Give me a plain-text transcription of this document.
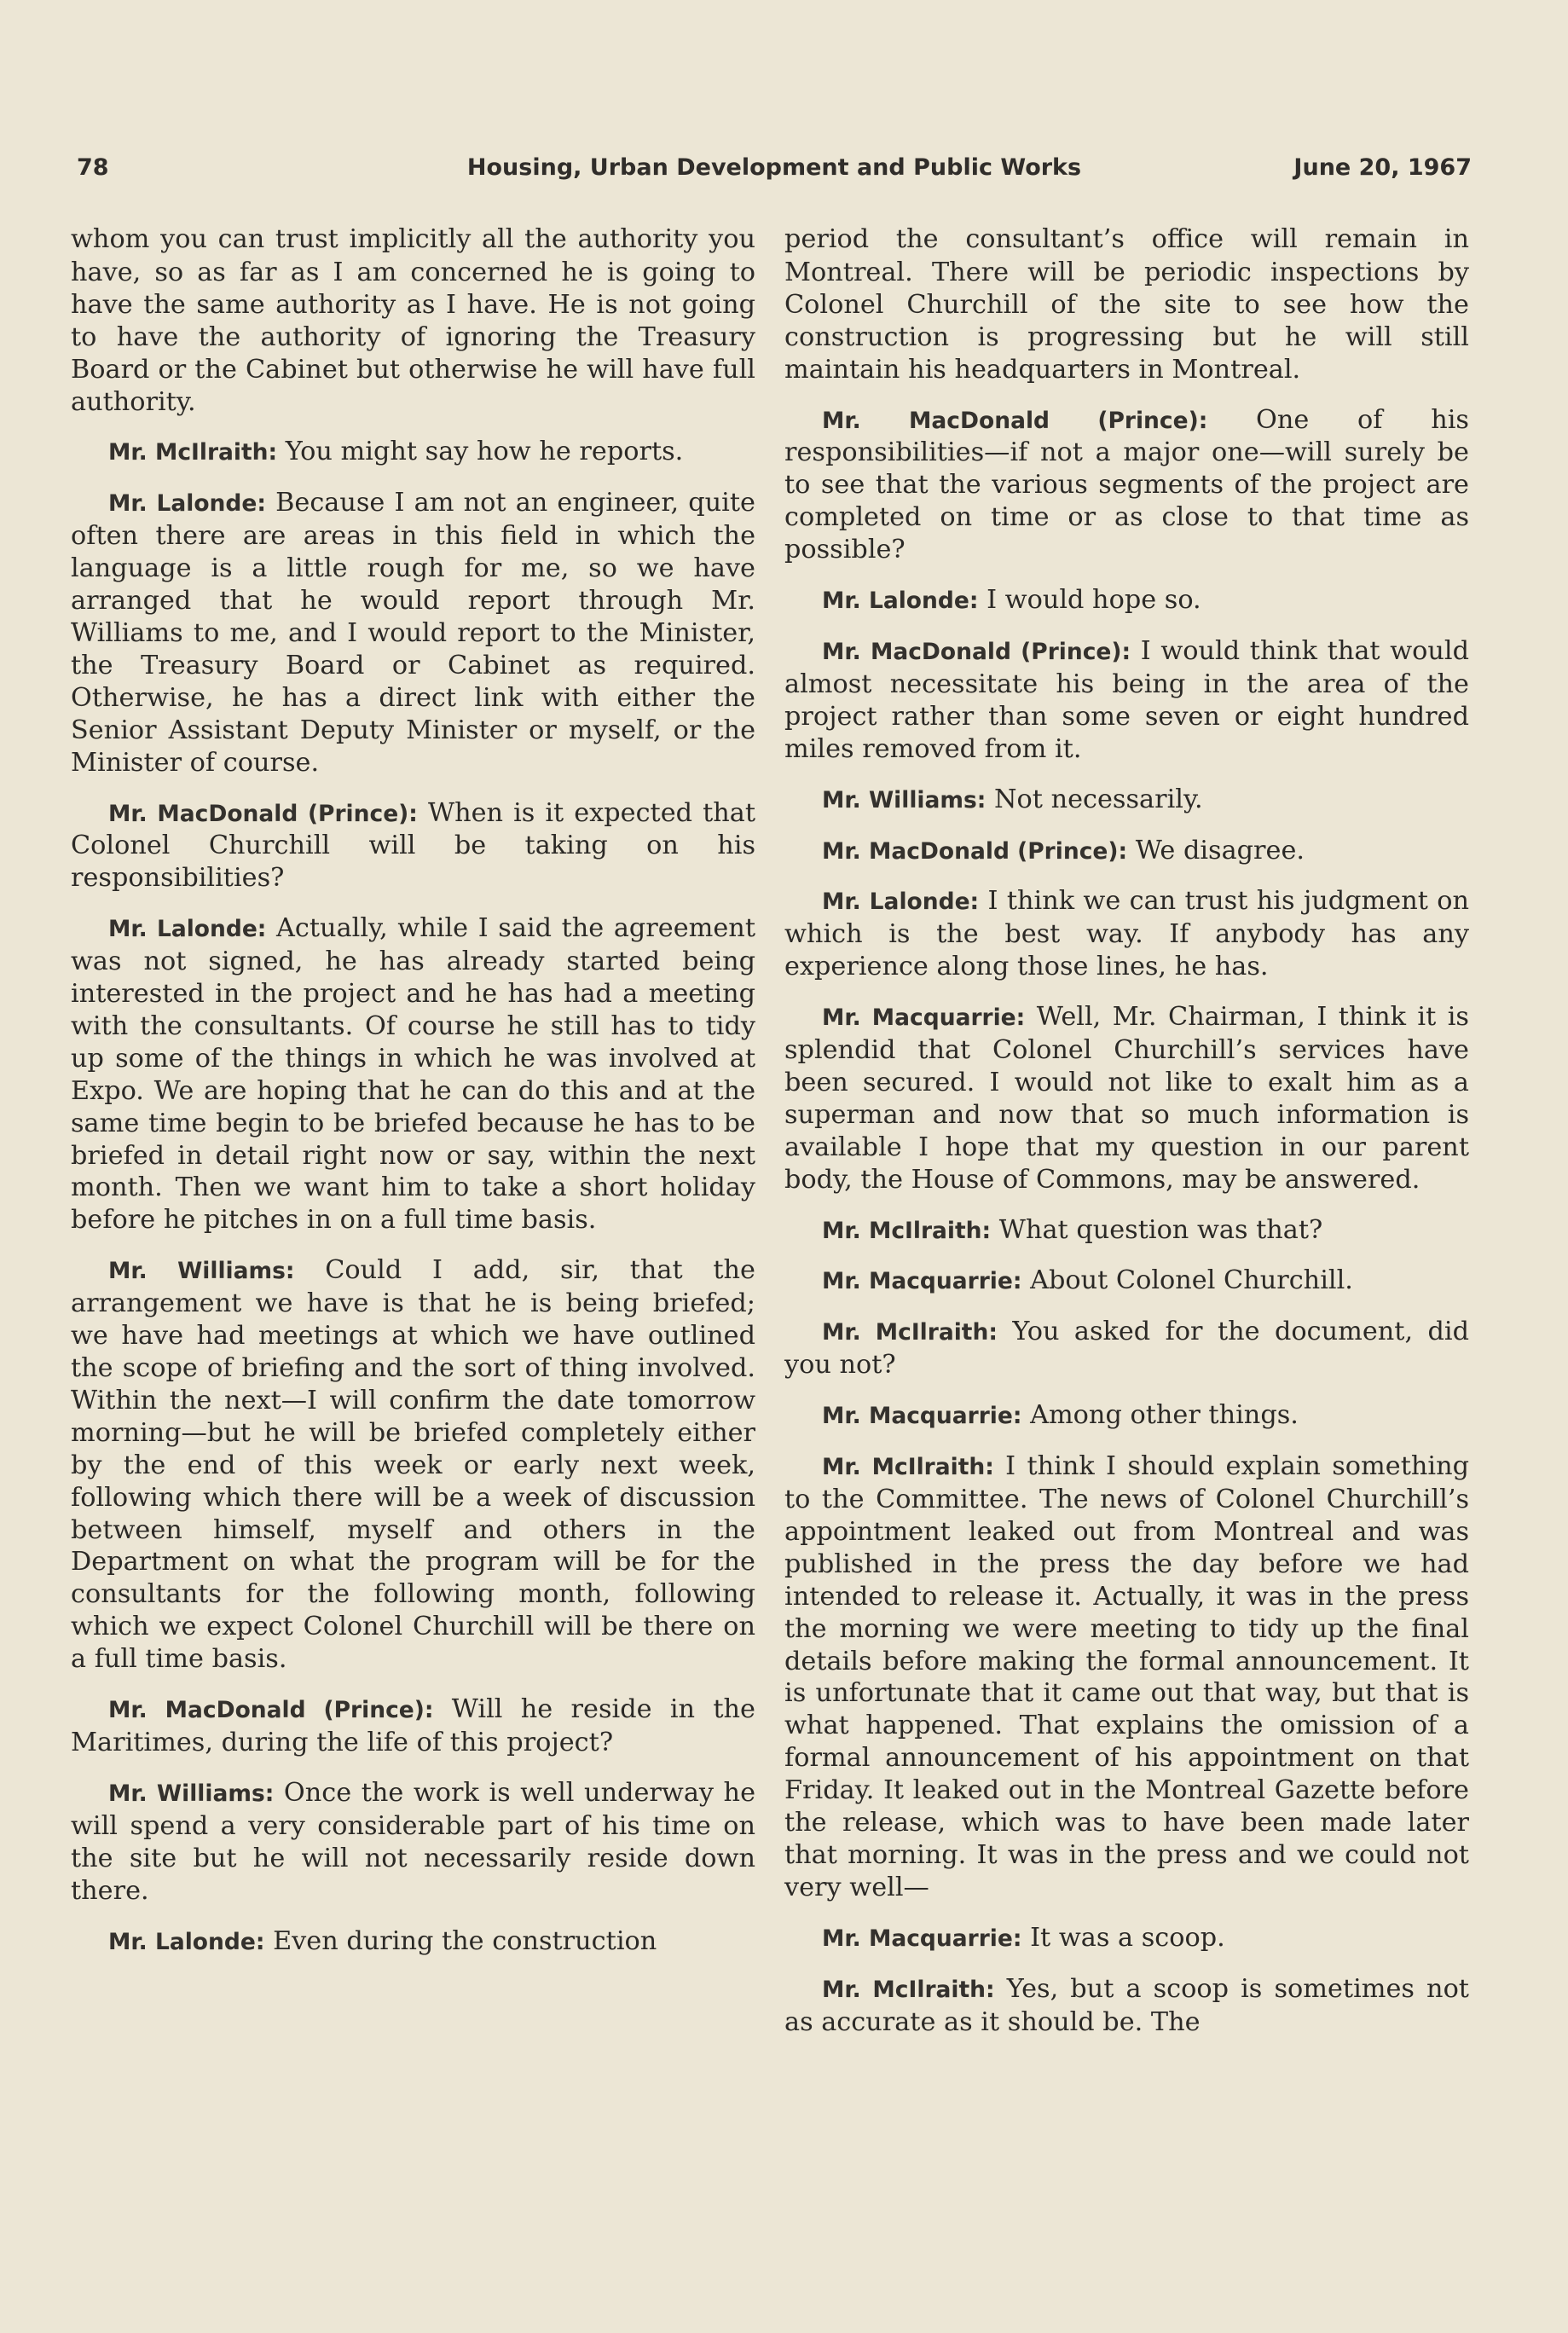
78	Housing, Urban Development and Public Works	June 20, 1967

whom you can trust implicitly all the authority you have, so as far as I am concerned he is going to have the same authority as I have. He is not going to have the authority of ignoring the Treasury Board or the Cabinet but otherwise he will have full authority.

Mr. McIlraith: You might say how he reports.

Mr. Lalonde: Because I am not an engineer, quite often there are areas in this field in which the language is a little rough for me, so we have arranged that he would report through Mr. Williams to me, and I would report to the Minister, the Treasury Board or Cabinet as required. Otherwise, he has a direct link with either the Senior Assistant Deputy Minister or myself, or the Minister of course.

Mr. MacDonald (Prince): When is it expected that Colonel Churchill will be taking on his responsibilities?

Mr. Lalonde: Actually, while I said the agreement was not signed, he has already started being interested in the project and he has had a meeting with the consultants. Of course he still has to tidy up some of the things in which he was involved at Expo. We are hoping that he can do this and at the same time begin to be briefed because he has to be briefed in detail right now or say, within the next month. Then we want him to take a short holiday before he pitches in on a full time basis.

Mr. Williams: Could I add, sir, that the arrangement we have is that he is being briefed; we have had meetings at which we have outlined the scope of briefing and the sort of thing involved. Within the next—I will confirm the date tomorrow morning—but he will be briefed completely either by the end of this week or early next week, following which there will be a week of discussion between himself, myself and others in the Department on what the program will be for the consultants for the following month, following which we expect Colonel Churchill will be there on a full time basis.

Mr. MacDonald (Prince): Will he reside in the Maritimes, during the life of this project?

Mr. Williams: Once the work is well underway he will spend a very considerable part of his time on the site but he will not necessarily reside down there.

Mr. Lalonde: Even during the construction

period the consultant’s office will remain in Montreal. There will be periodic inspections by Colonel Churchill of the site to see how the construction is progressing but he will still maintain his headquarters in Montreal.

Mr. MacDonald (Prince): One of his responsibilities—if not a major one—will surely be to see that the various segments of the project are completed on time or as close to that time as possible?

Mr. Lalonde: I would hope so.

Mr. MacDonald (Prince): I would think that would almost necessitate his being in the area of the project rather than some seven or eight hundred miles removed from it.

Mr. Williams: Not necessarily.

Mr. MacDonald (Prince): We disagree.

Mr. Lalonde: I think we can trust his judgment on which is the best way. If anybody has any experience along those lines, he has.

Mr. Macquarrie: Well, Mr. Chairman, I think it is splendid that Colonel Churchill’s services have been secured. I would not like to exalt him as a superman and now that so much information is available I hope that my question in our parent body, the House of Commons, may be answered.

Mr. McIlraith: What question was that?

Mr. Macquarrie: About Colonel Churchill.

Mr. McIlraith: You asked for the document, did you not?

Mr. Macquarrie: Among other things.

Mr. McIlraith: I think I should explain something to the Committee. The news of Colonel Churchill’s appointment leaked out from Montreal and was published in the press the day before we had intended to release it. Actually, it was in the press the morning we were meeting to tidy up the final details before making the formal announcement. It is unfortunate that it came out that way, but that is what happened. That explains the omission of a formal announcement of his appointment on that Friday. It leaked out in the Montreal Gazette before the release, which was to have been made later that morning. It was in the press and we could not very well—

Mr. Macquarrie: It was a scoop.

Mr. McIlraith: Yes, but a scoop is sometimes not as accurate as it should be. The
